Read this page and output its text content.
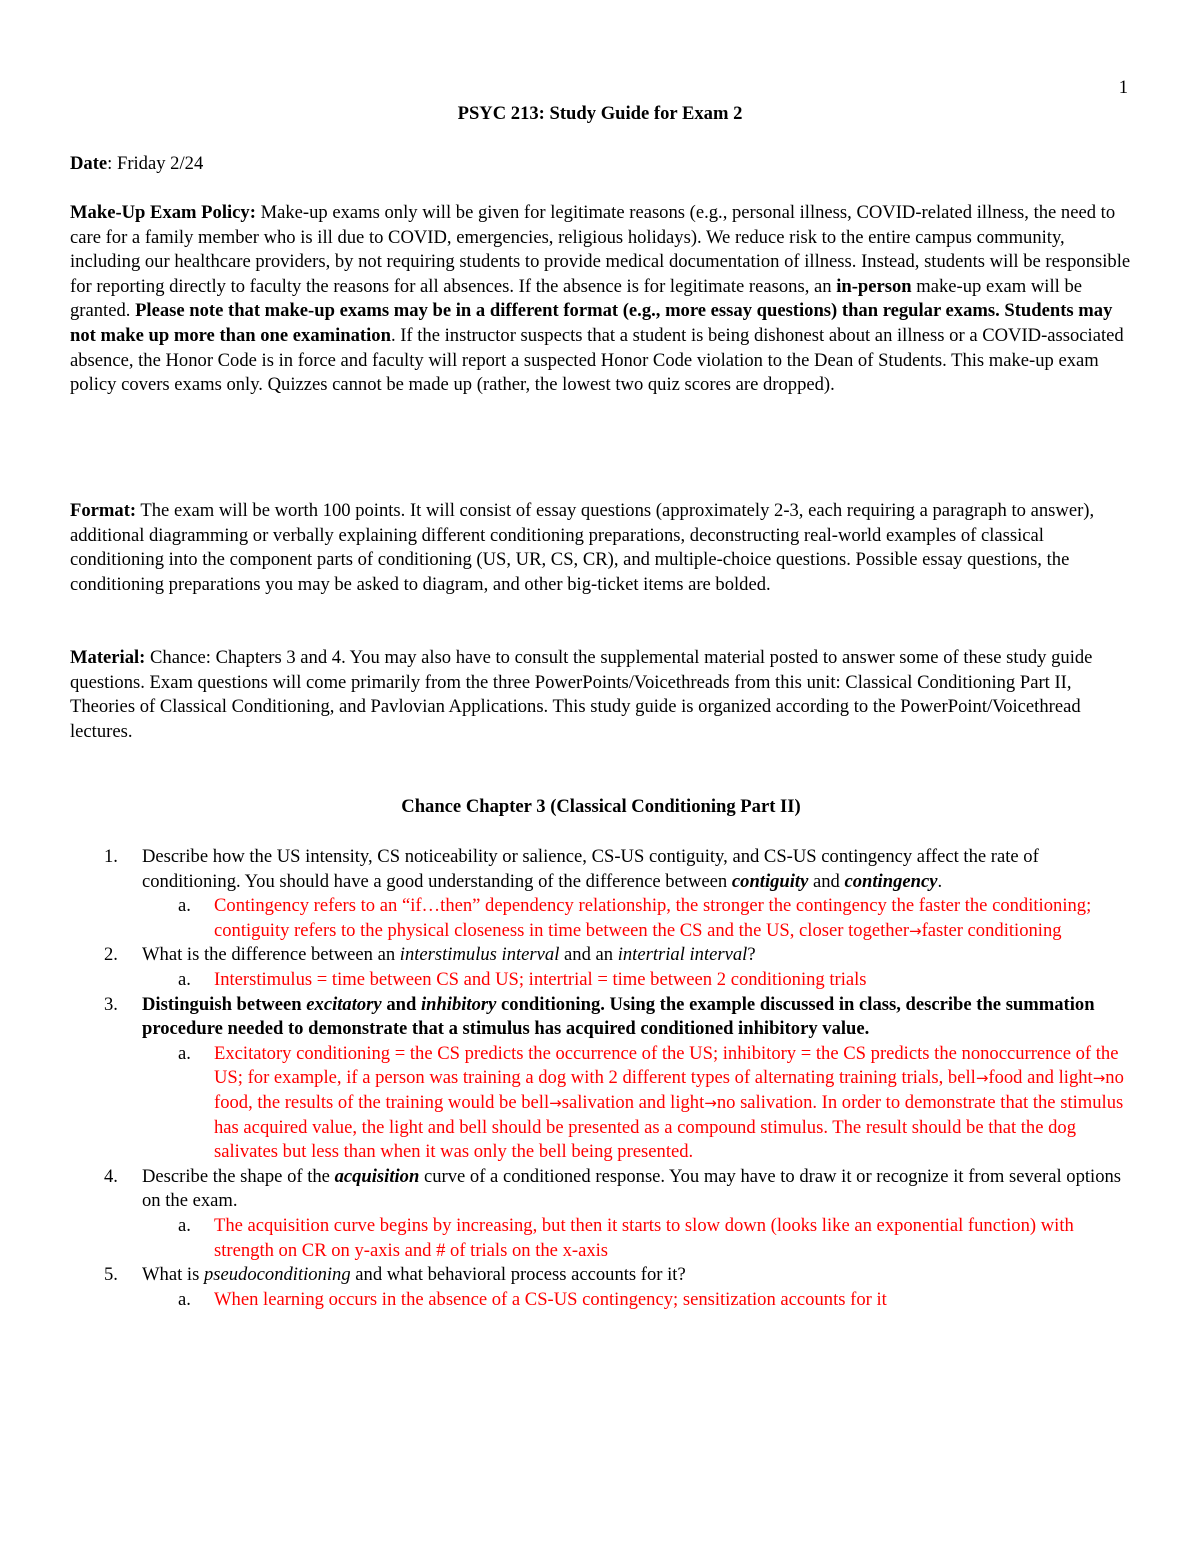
1
PSYC 213: Study Guide for Exam 2

Date: Friday 2/24

Make-Up Exam Policy: Make-up exams only will be given for legitimate reasons (e.g., personal illness, COVID-related illness, the need to care for a family member who is ill due to COVID, emergencies, religious holidays). We reduce risk to the entire campus community, including our healthcare providers, by not requiring students to provide medical documentation of illness. Instead, students will be responsible for reporting directly to faculty the reasons for all absences. If the absence is for legitimate reasons, an in-person make-up exam will be granted. Please note that make-up exams may be in a different format (e.g., more essay questions) than regular exams. Students may not make up more than one examination. If the instructor suspects that a student is being dishonest about an illness or a COVID-associated absence, the Honor Code is in force and faculty will report a suspected Honor Code violation to the Dean of Students. This make-up exam policy covers exams only. Quizzes cannot be made up (rather, the lowest two quiz scores are dropped).

Format: The exam will be worth 100 points. It will consist of essay questions (approximately 2-3, each requiring a paragraph to answer), additional diagramming or verbally explaining different conditioning preparations, deconstructing real-world examples of classical conditioning into the component parts of conditioning (US, UR, CS, CR), and multiple-choice questions. Possible essay questions, the conditioning preparations you may be asked to diagram, and other big-ticket items are bolded.

Material: Chance: Chapters 3 and 4. You may also have to consult the supplemental material posted to answer some of these study guide questions. Exam questions will come primarily from the three PowerPoints/Voicethreads from this unit: Classical Conditioning Part II, Theories of Classical Conditioning, and Pavlovian Applications. This study guide is organized according to the PowerPoint/Voicethread lectures.

Chance Chapter 3 (Classical Conditioning Part II)
1. Describe how the US intensity, CS noticeability or salience, CS-US contiguity, and CS-US contingency affect the rate of conditioning. You should have a good understanding of the difference between contiguity and contingency.
a. Contingency refers to an “if…then” dependency relationship, the stronger the contingency the faster the conditioning; contiguity refers to the physical closeness in time between the CS and the US, closer together→faster conditioning
2. What is the difference between an interstimulus interval and an intertrial interval?
a. Interstimulus = time between CS and US; intertrial = time between 2 conditioning trials
3. Distinguish between excitatory and inhibitory conditioning. Using the example discussed in class, describe the summation procedure needed to demonstrate that a stimulus has acquired conditioned inhibitory value.
a. Excitatory conditioning = the CS predicts the occurrence of the US; inhibitory = the CS predicts the nonoccurrence of the US; for example, if a person was training a dog with 2 different types of alternating training trials, bell→food and light→no food, the results of the training would be bell→salivation and light→no salivation. In order to demonstrate that the stimulus has acquired value, the light and bell should be presented as a compound stimulus. The result should be that the dog salivates but less than when it was only the bell being presented.
4. Describe the shape of the acquisition curve of a conditioned response. You may have to draw it or recognize it from several options on the exam.
a. The acquisition curve begins by increasing, but then it starts to slow down (looks like an exponential function) with strength on CR on y-axis and # of trials on the x-axis
5. What is pseudoconditioning and what behavioral process accounts for it?
a. When learning occurs in the absence of a CS-US contingency; sensitization accounts for it
